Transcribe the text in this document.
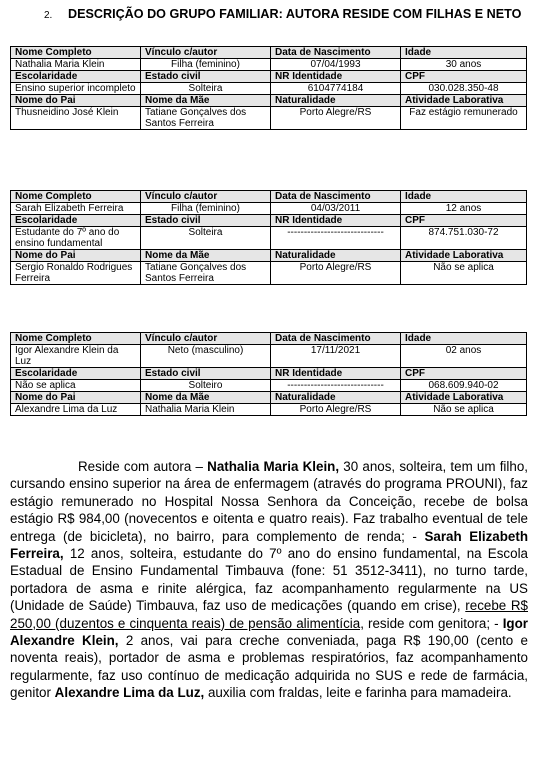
2. DESCRIÇÃO DO GRUPO FAMILIAR: AUTORA RESIDE COM FILHAS E NETO
Nome Completo	Vínculo c/autor	Data de Nascimento	Idade
Nathalia Maria Klein	Filha (feminino)	07/04/1993	30 anos
Escolaridade	Estado civil	NR Identidade	CPF
Ensino superior incompleto	Solteira	6104774184	030.028.350-48
Nome do Pai	Nome da Mãe	Naturalidade	Atividade Laborativa
Thusneidino José Klein	Tatiane Gonçalves dos Santos Ferreira	Porto Alegre/RS	Faz estágio remunerado
Nome Completo	Vínculo c/autor	Data de Nascimento	Idade
Sarah Elizabeth Ferreira	Filha (feminino)	04/03/2011	12 anos
Escolaridade	Estado civil	NR Identidade	CPF
Estudante do 7º ano do ensino fundamental	Solteira	-----------------------------	874.751.030-72
Nome do Pai	Nome da Mãe	Naturalidade	Atividade Laborativa
Sergio Ronaldo Rodrigues Ferreira	Tatiane Gonçalves dos Santos Ferreira	Porto Alegre/RS	Não se aplica
Nome Completo	Vínculo c/autor	Data de Nascimento	Idade
Igor Alexandre Klein da Luz	Neto (masculino)	17/11/2021	02 anos
Escolaridade	Estado civil	NR Identidade	CPF
Não se aplica	Solteiro	-----------------------------	068.609.940-02
Nome do Pai	Nome da Mãe	Naturalidade	Atividade Laborativa
Alexandre Lima da Luz	Nathalia Maria Klein	Porto Alegre/RS	Não se aplica
Reside com autora – Nathalia Maria Klein, 30 anos, solteira, tem um filho, cursando ensino superior na área de enfermagem (através do programa PROUNI), faz estágio remunerado no Hospital Nossa Senhora da Conceição, recebe de bolsa estágio R$ 984,00 (novecentos e oitenta e quatro reais). Faz trabalho eventual de tele entrega (de bicicleta), no bairro, para complemento de renda; - Sarah Elizabeth Ferreira, 12 anos, solteira, estudante do 7º ano do ensino fundamental, na Escola Estadual de Ensino Fundamental Timbauva (fone: 51 3512-3411), no turno tarde, portadora de asma e rinite alérgica, faz acompanhamento regularmente na US (Unidade de Saúde) Timbauva, faz uso de medicações (quando em crise), recebe R$ 250,00 (duzentos e cinquenta reais) de pensão alimentícia, reside com genitora; - Igor Alexandre Klein, 2 anos, vai para creche conveniada, paga R$ 190,00 (cento e noventa reais), portador de asma e problemas respiratórios, faz acompanhamento regularmente, faz uso contínuo de medicação adquirida no SUS e rede de farmácia, genitor Alexandre Lima da Luz, auxilia com fraldas, leite e farinha para mamadeira.
